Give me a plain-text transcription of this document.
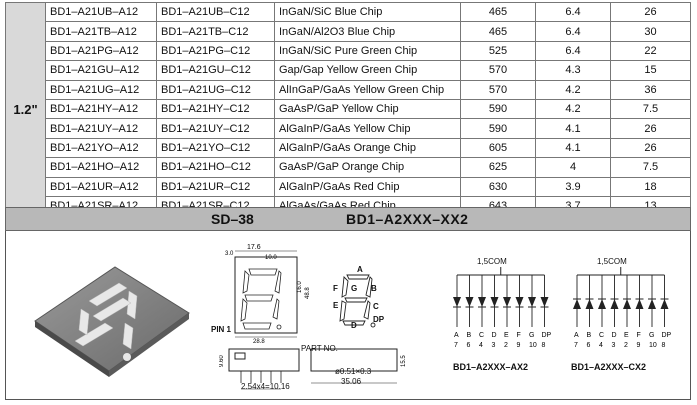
1.2"	BD1–A21UB–A12	BD1–A21UB–C12	InGaN/SiC Blue Chip	465	6.4	26
	BD1–A21TB–A12	BD1–A21TB–C12	InGaN/Al2O3 Blue Chip	465	6.4	30
	BD1–A21PG–A12	BD1–A21PG–C12	InGaN/SiC Pure Green Chip	525	6.4	22
	BD1–A21GU–A12	BD1–A21GU–C12	Gap/Gap Yellow Green Chip	570	4.3	15
	BD1–A21UG–A12	BD1–A21UG–C12	AlInGaP/GaAs Yellow Green Chip	570	4.2	36
	BD1–A21HY–A12	BD1–A21HY–C12	GaAsP/GaP Yellow Chip	590	4.2	7.5
	BD1–A21UY–A12	BD1–A21UY–C12	AlGaInP/GaAs Yellow Chip	590	4.1	26
	BD1–A21YO–A12	BD1–A21YO–C12	AlGaInP/GaAs Orange Chip	605	4.1	26
	BD1–A21HO–A12	BD1–A21HO–C12	GaAsP/GaP Orange Chip	625	4	7.5
	BD1–A21UR–A12	BD1–A21UR–C12	AlGaInP/GaAs Red Chip	630	3.9	18

SD–38	BD1–A2XXX–XX2
17.6
3.0
10.0
16.0
48.8
28.8
PIN 1
9.60	15.5
PART NO.
2.54x4=10.16
ø0.51×0.3
35.06
A
B
C
D
E
F G
DP
A
7
B
6
C
4
D
3
E
2
F
9
G
10
DP
8
1,5COM
BD1–A2XXX–AX2
A
7
B
6
C
4
D
3
E
2
F
9
G
10
DP
8
1,5COM
BD1–A2XXX–CX2
